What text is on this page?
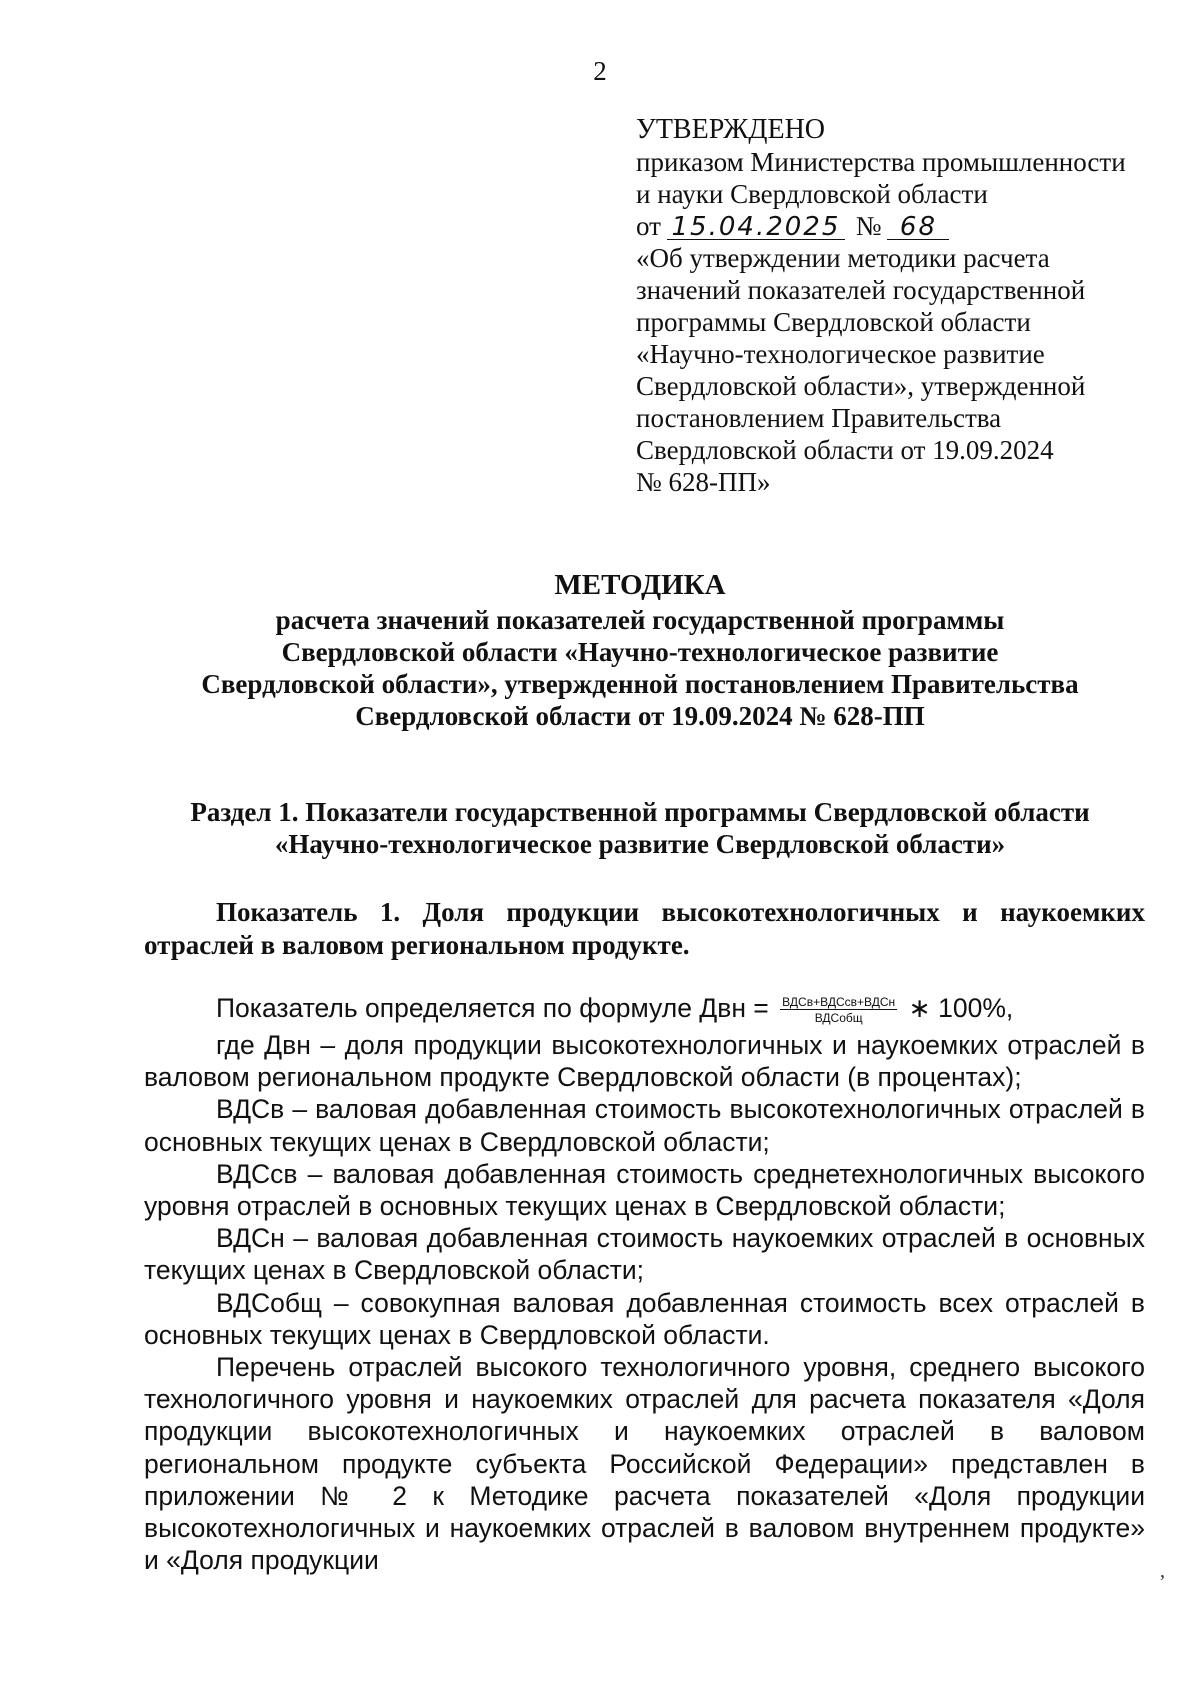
2
УТВЕРЖДЕНО
приказом Министерства промышленности
и науки Свердловской области
от 15.04.2025 № 68
«Об утверждении методики расчета
значений показателей государственной
программы Свердловской области
«Научно-технологическое развитие
Свердловской области», утвержденной
постановлением Правительства
Свердловской области от 19.09.2024
№ 628-ПП»
МЕТОДИКА
расчета значений показателей государственной программы
Свердловской области «Научно-технологическое развитие
Свердловской области», утвержденной постановлением Правительства
Свердловской области от 19.09.2024 № 628-ПП
Раздел 1. Показатели государственной программы Свердловской области
«Научно-технологическое развитие Свердловской области»
Показатель 1. Доля продукции высокотехнологичных и наукоемких отраслей в валовом региональном продукте.

Показатель определяется по формуле Двн = $\frac{\text{ВДСв+ВДСсв+ВДСн}}{\text{ВДСобщ}}$ ∗ 100%,

где Двн – доля продукции высокотехнологичных и наукоемких отраслей в валовом региональном продукте Свердловской области (в процентах);

ВДСв – валовая добавленная стоимость высокотехнологичных отраслей в основных текущих ценах в Свердловской области;

ВДСсв – валовая добавленная стоимость среднетехнологичных высокого уровня отраслей в основных текущих ценах в Свердловской области;

ВДСн – валовая добавленная стоимость наукоемких отраслей в основных текущих ценах в Свердловской области;

ВДСобщ – совокупная валовая добавленная стоимость всех отраслей в основных текущих ценах в Свердловской области.

Перечень отраслей высокого технологичного уровня, среднего высокого технологичного уровня и наукоемких отраслей для расчета показателя «Доля продукции высокотехнологичных и наукоемких отраслей в валовом региональном продукте субъекта Российской Федерации» представлен в приложении № 2 к Методике расчета показателей «Доля продукции высокотехнологичных и наукоемких отраслей в валовом внутреннем продукте» и «Доля продукции	,
